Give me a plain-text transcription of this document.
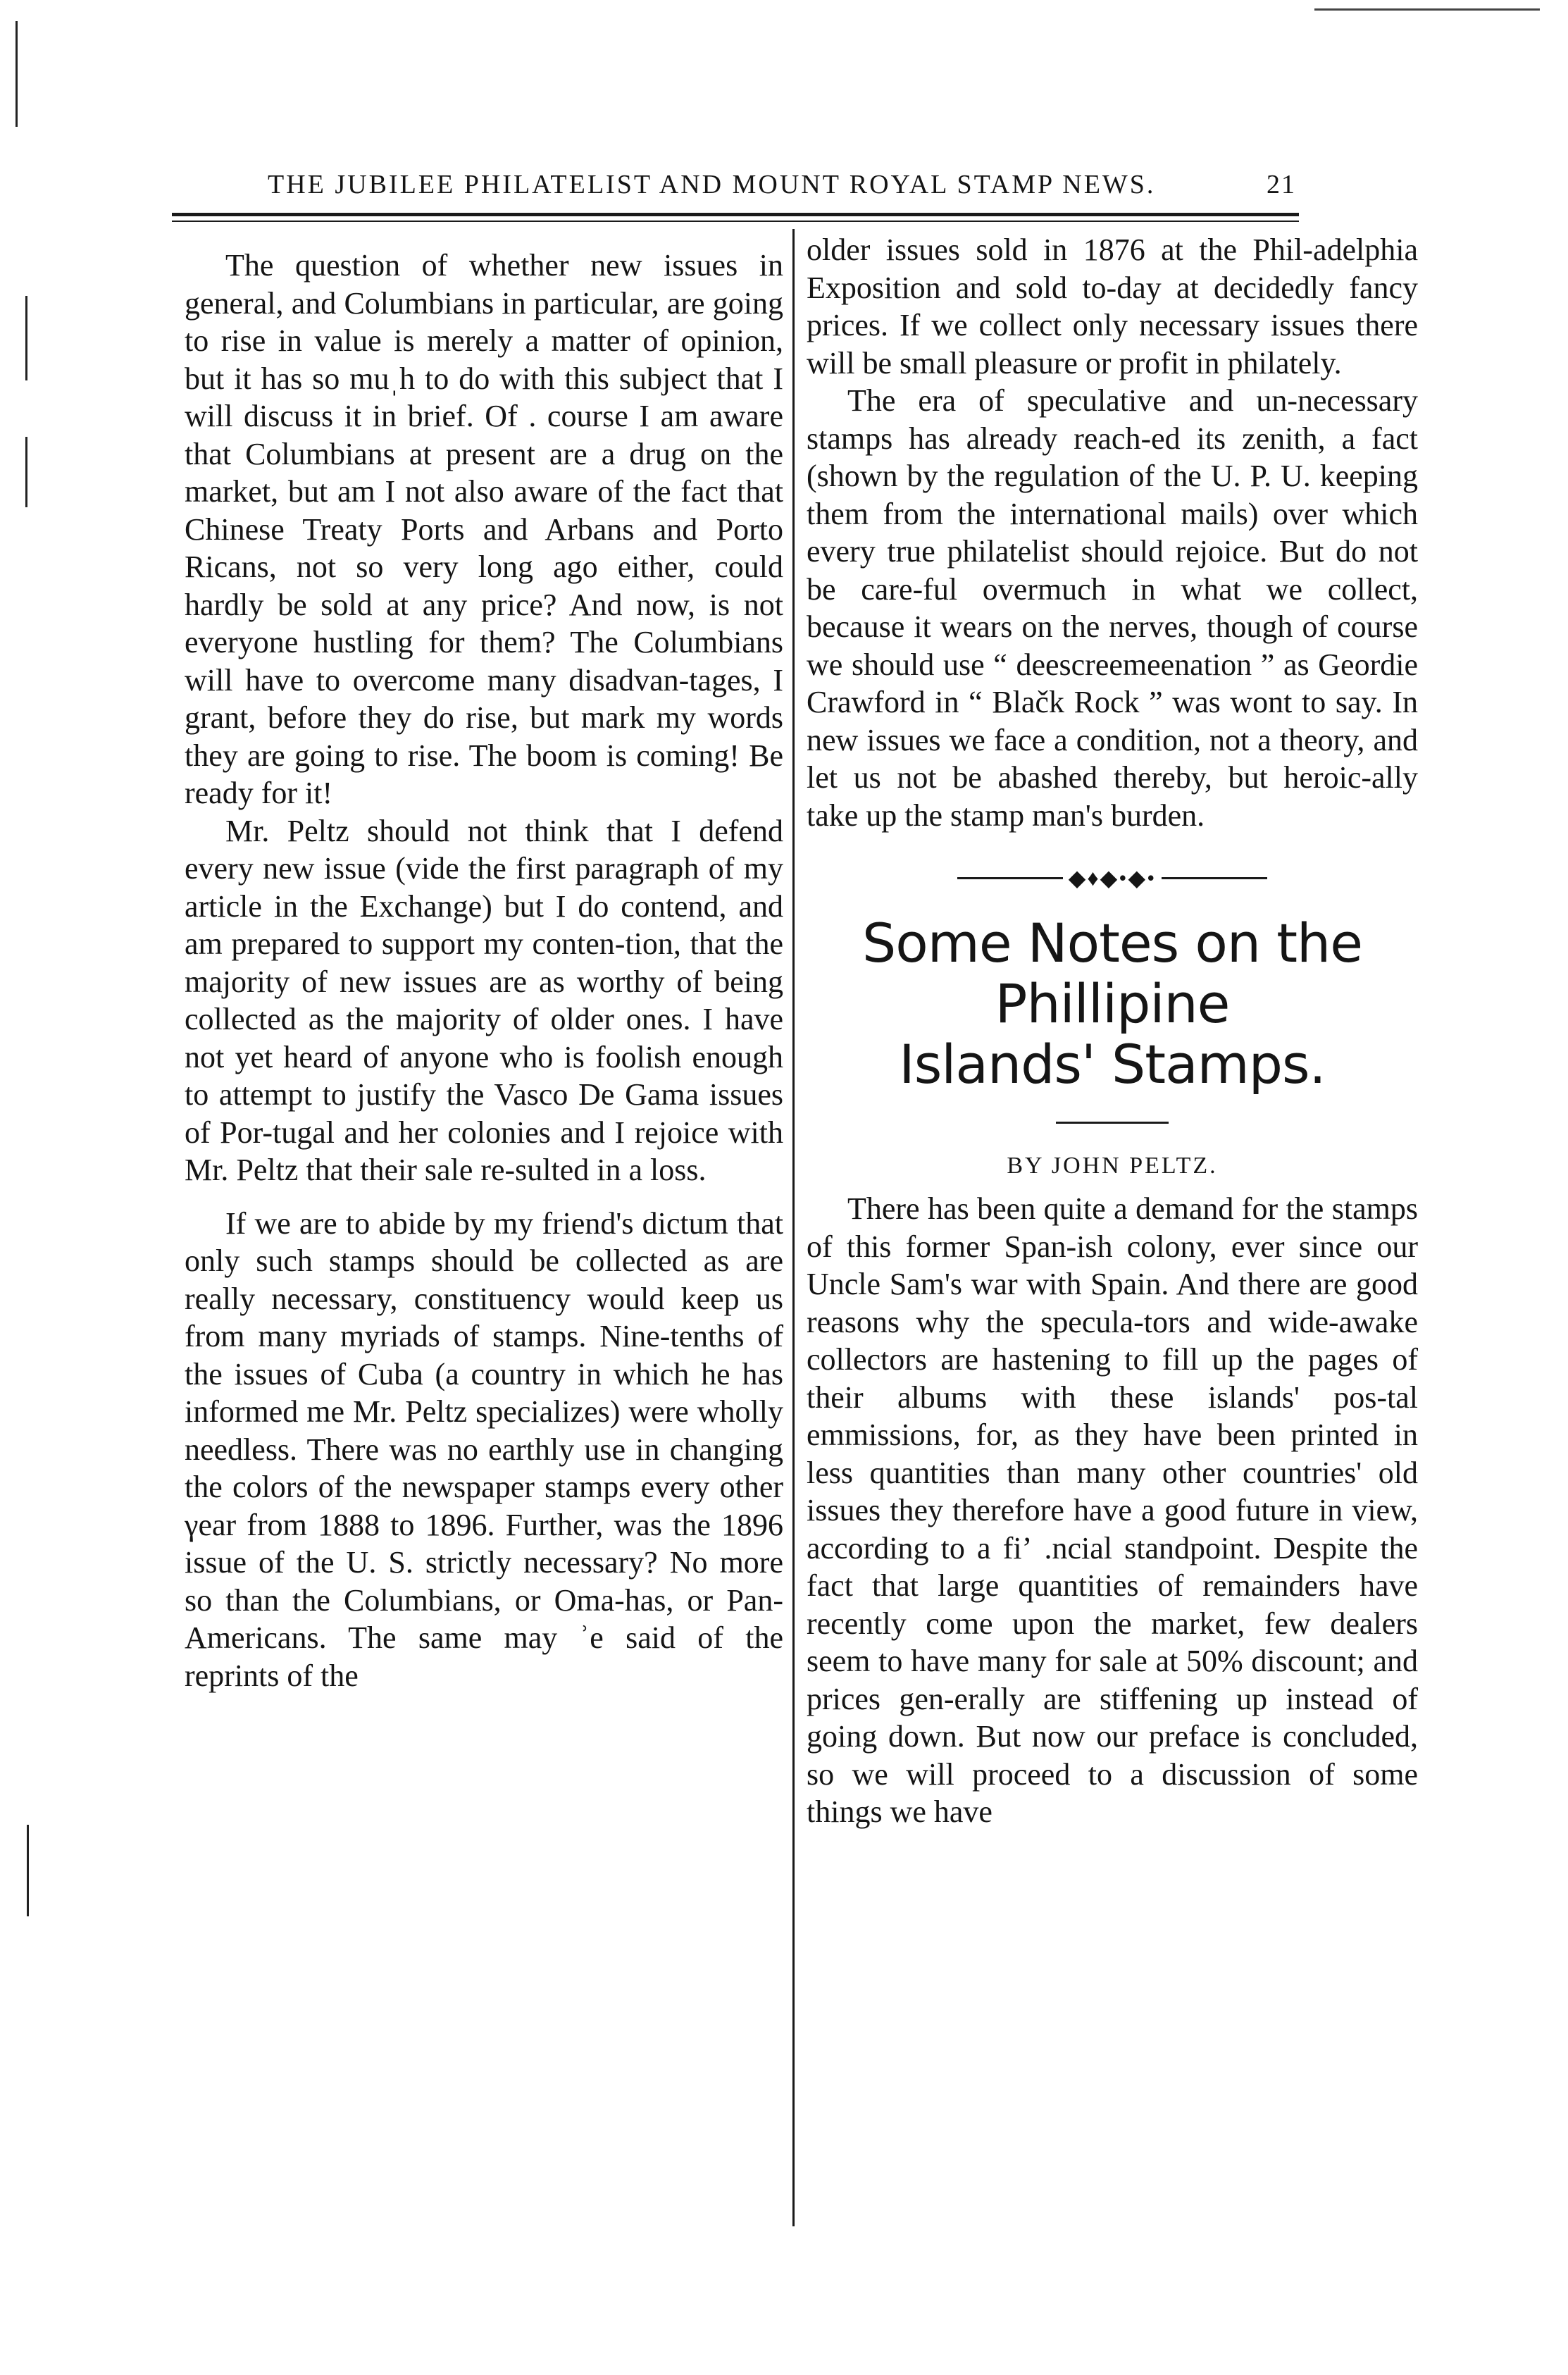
THE JUBILEE PHILATELIST AND MOUNT ROYAL STAMP NEWS.	21

The question of whether new issues in general, and Columbians in particular, are going to rise in value is merely a matter of opinion, but it has so muˌh to do with this subject that I will discuss it in brief. Of . course I am aware that Columbians at present are a drug on the market, but am I not also aware of the fact that Chinese Treaty Ports and Arbans and Porto Ricans, not so very long ago either, could hardly be sold at any price? And now, is not everyone hustling for them? The Columbians will have to overcome many disadvan-tages, I grant, before they do rise, but mark my words they are going to rise. The boom is coming! Be ready for it!

Mr. Peltz should not think that I defend every new issue (vide the first paragraph of my article in the Exchange) but I do contend, and am prepared to support my conten-tion, that the majority of new issues are as worthy of being collected as the majority of older ones. I have not yet heard of anyone who is foolish enough to attempt to justify the Vasco De Gama issues of Por-tugal and her colonies and I rejoice with Mr. Peltz that their sale re-sulted in a loss.

If we are to abide by my friend's dictum that only such stamps should be collected as are really necessary, constituency would keep us from many myriads of stamps. Nine-tenths of the issues of Cuba (a country in which he has informed me Mr. Peltz specializes) were wholly needless. There was no earthly use in changing the colors of the newspaper stamps every other γear from 1888 to 1896. Further, was the 1896 issue of the U. S. strictly necessary? No more so than the Columbians, or Oma-has, or Pan-Americans. The same may ʾe said of the reprints of the

older issues sold in 1876 at the Phil-adelphia Exposition and sold to-day at decidedly fancy prices. If we collect only necessary issues there will be small pleasure or profit in philately.

The era of speculative and un-necessary stamps has already reach-ed its zenith, a fact (shown by the regulation of the U. P. U. keeping them from the international mails) over which every true philatelist should rejoice. But do not be care-ful overmuch in what we collect, because it wears on the nerves, though of course we should use “ deescreemeenation ” as Geordie Crawford in “ Blačk Rock ” was wont to say. In new issues we face a condition, not a theory, and let us not be abashed thereby, but heroic-ally take up the stamp man's burden.

◆♦◆•◆•
Some Notes on the Phillipine
Islands' Stamps.
BY JOHN PELTZ.

There has been quite a demand for the stamps of this former Span-ish colony, ever since our Uncle Sam's war with Spain. And there are good reasons why the specula-tors and wide-awake collectors are hastening to fill up the pages of their albums with these islands' pos-tal emmissions, for, as they have been printed in less quantities than many other countries' old issues they therefore have a good future in view, according to a fiʼ .ncial standpoint. Despite the fact that large quantities of remainders have recently come upon the market, few dealers seem to have many for ѕale at 50% discount; and prices gen-erally are stiffening up instead of going down. But now our preface is concluded, so we will proceed to a discussion of some things we have
